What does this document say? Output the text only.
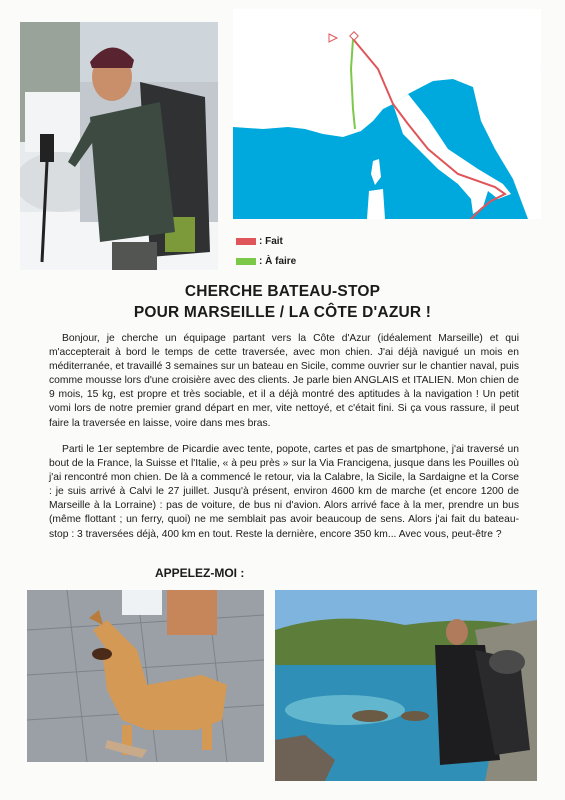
: Fait
: À faire
CHERCHE BATEAU-STOP
POUR MARSEILLE / LA CÔTE D'AZUR !

Bonjour, je cherche un équipage partant vers la Côte d'Azur (idéalement Marseille) et qui m'accepterait à bord le temps de cette traversée, avec mon chien. J'ai déjà navigué un mois en méditerranée, et travaillé 3 semaines sur un bateau en Sicile, comme ouvrier sur le chantier naval, puis comme mousse lors d'une croisière avec des clients. Je parle bien ANGLAIS et ITALIEN. Mon chien de 9 mois, 15 kg, est propre et très sociable, et il a déjà montré des aptitudes à la navigation ! Un petit vomi lors de notre premier grand départ en mer, vite nettoyé, et c'était fini. Si ça vous rassure, il peut faire la traversée en laisse, voire dans mes bras.

Parti le 1er septembre de Picardie avec tente, popote, cartes et pas de smartphone, j'ai traversé un bout de la France, la Suisse et l'Italie, « à peu près » sur la Via Francigena, jusque dans les Pouilles où j'ai rencontré mon chien. De là a commencé le retour, via la Calabre, la Sicile, la Sardaigne et la Corse : je suis arrivé à Calvi le 27 juillet. Jusqu'à présent, environ 4600 km de marche (et encore 1200 de Marseille à la Lorraine) : pas de voiture, de bus ni d'avion. Alors arrivé face à la mer, prendre un bus (même flottant ; un ferry, quoi) ne me semblait pas avoir beaucoup de sens. Alors j'ai fait du bateau-stop : 3 traversées déjà, 400 km en tout. Reste la dernière, encore 350 km... Avec vous, peut-être ?

APPELEZ-MOI :
